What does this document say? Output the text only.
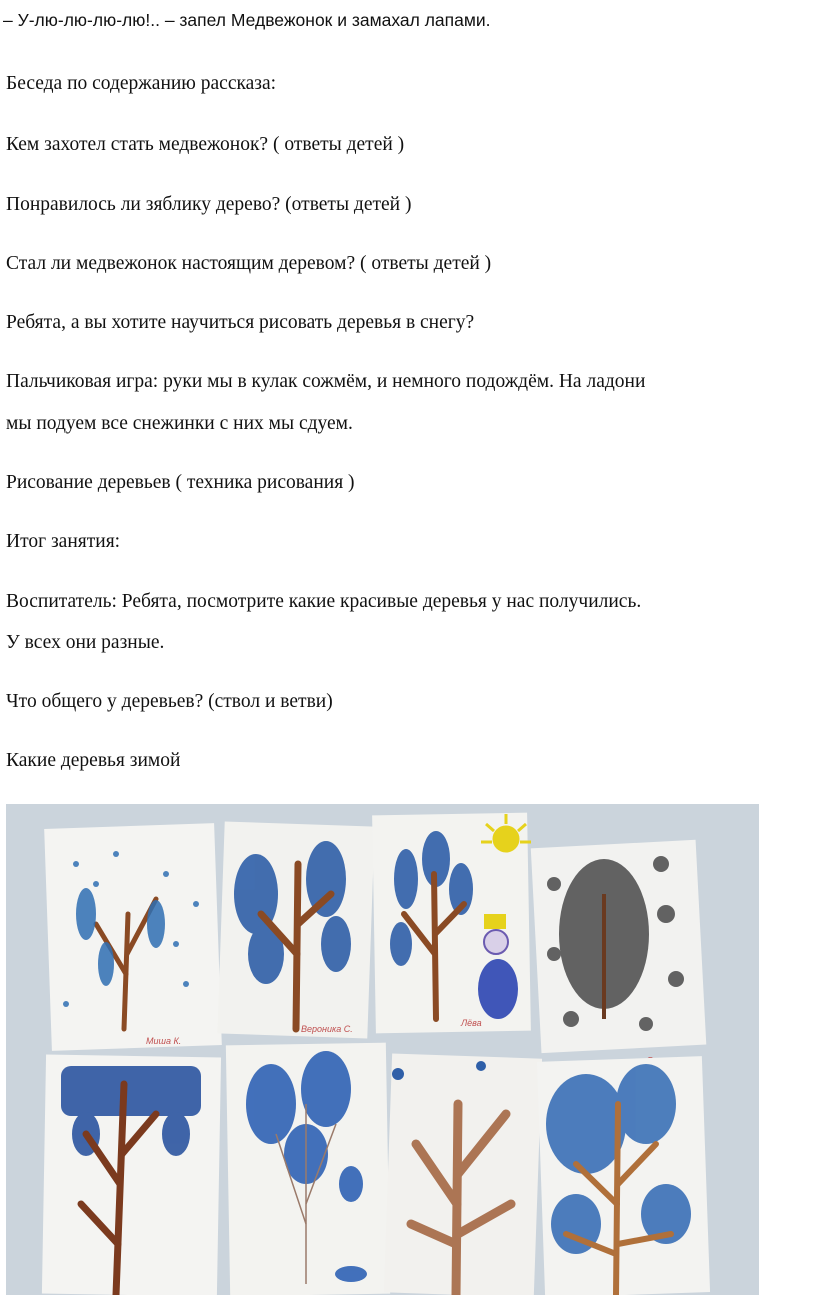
– У-лю-лю-лю-лю!.. – запел Медвежонок и замахал лапами.
Беседа по содержанию рассказа:
Кем захотел стать медвежонок? ( ответы детей )
Понравилось ли зяблику дерево? (ответы детей )
Стал ли медвежонок настоящим деревом? ( ответы детей )
Ребята, а вы хотите научиться рисовать деревья в снегу?
Пальчиковая игра: руки мы в кулак сожмём, и немного подождём. На ладони
мы подуем все снежинки с них мы сдуем.
Рисование деревьев ( техника рисования )
Итог занятия:
Воспитатель: Ребята, посмотрите какие красивые деревья у нас получились.
У всех они разные.
Что общего у деревьев? (ствол и ветви)
Какие деревья зимой
Миша К.
Вероника С.
Лёва
